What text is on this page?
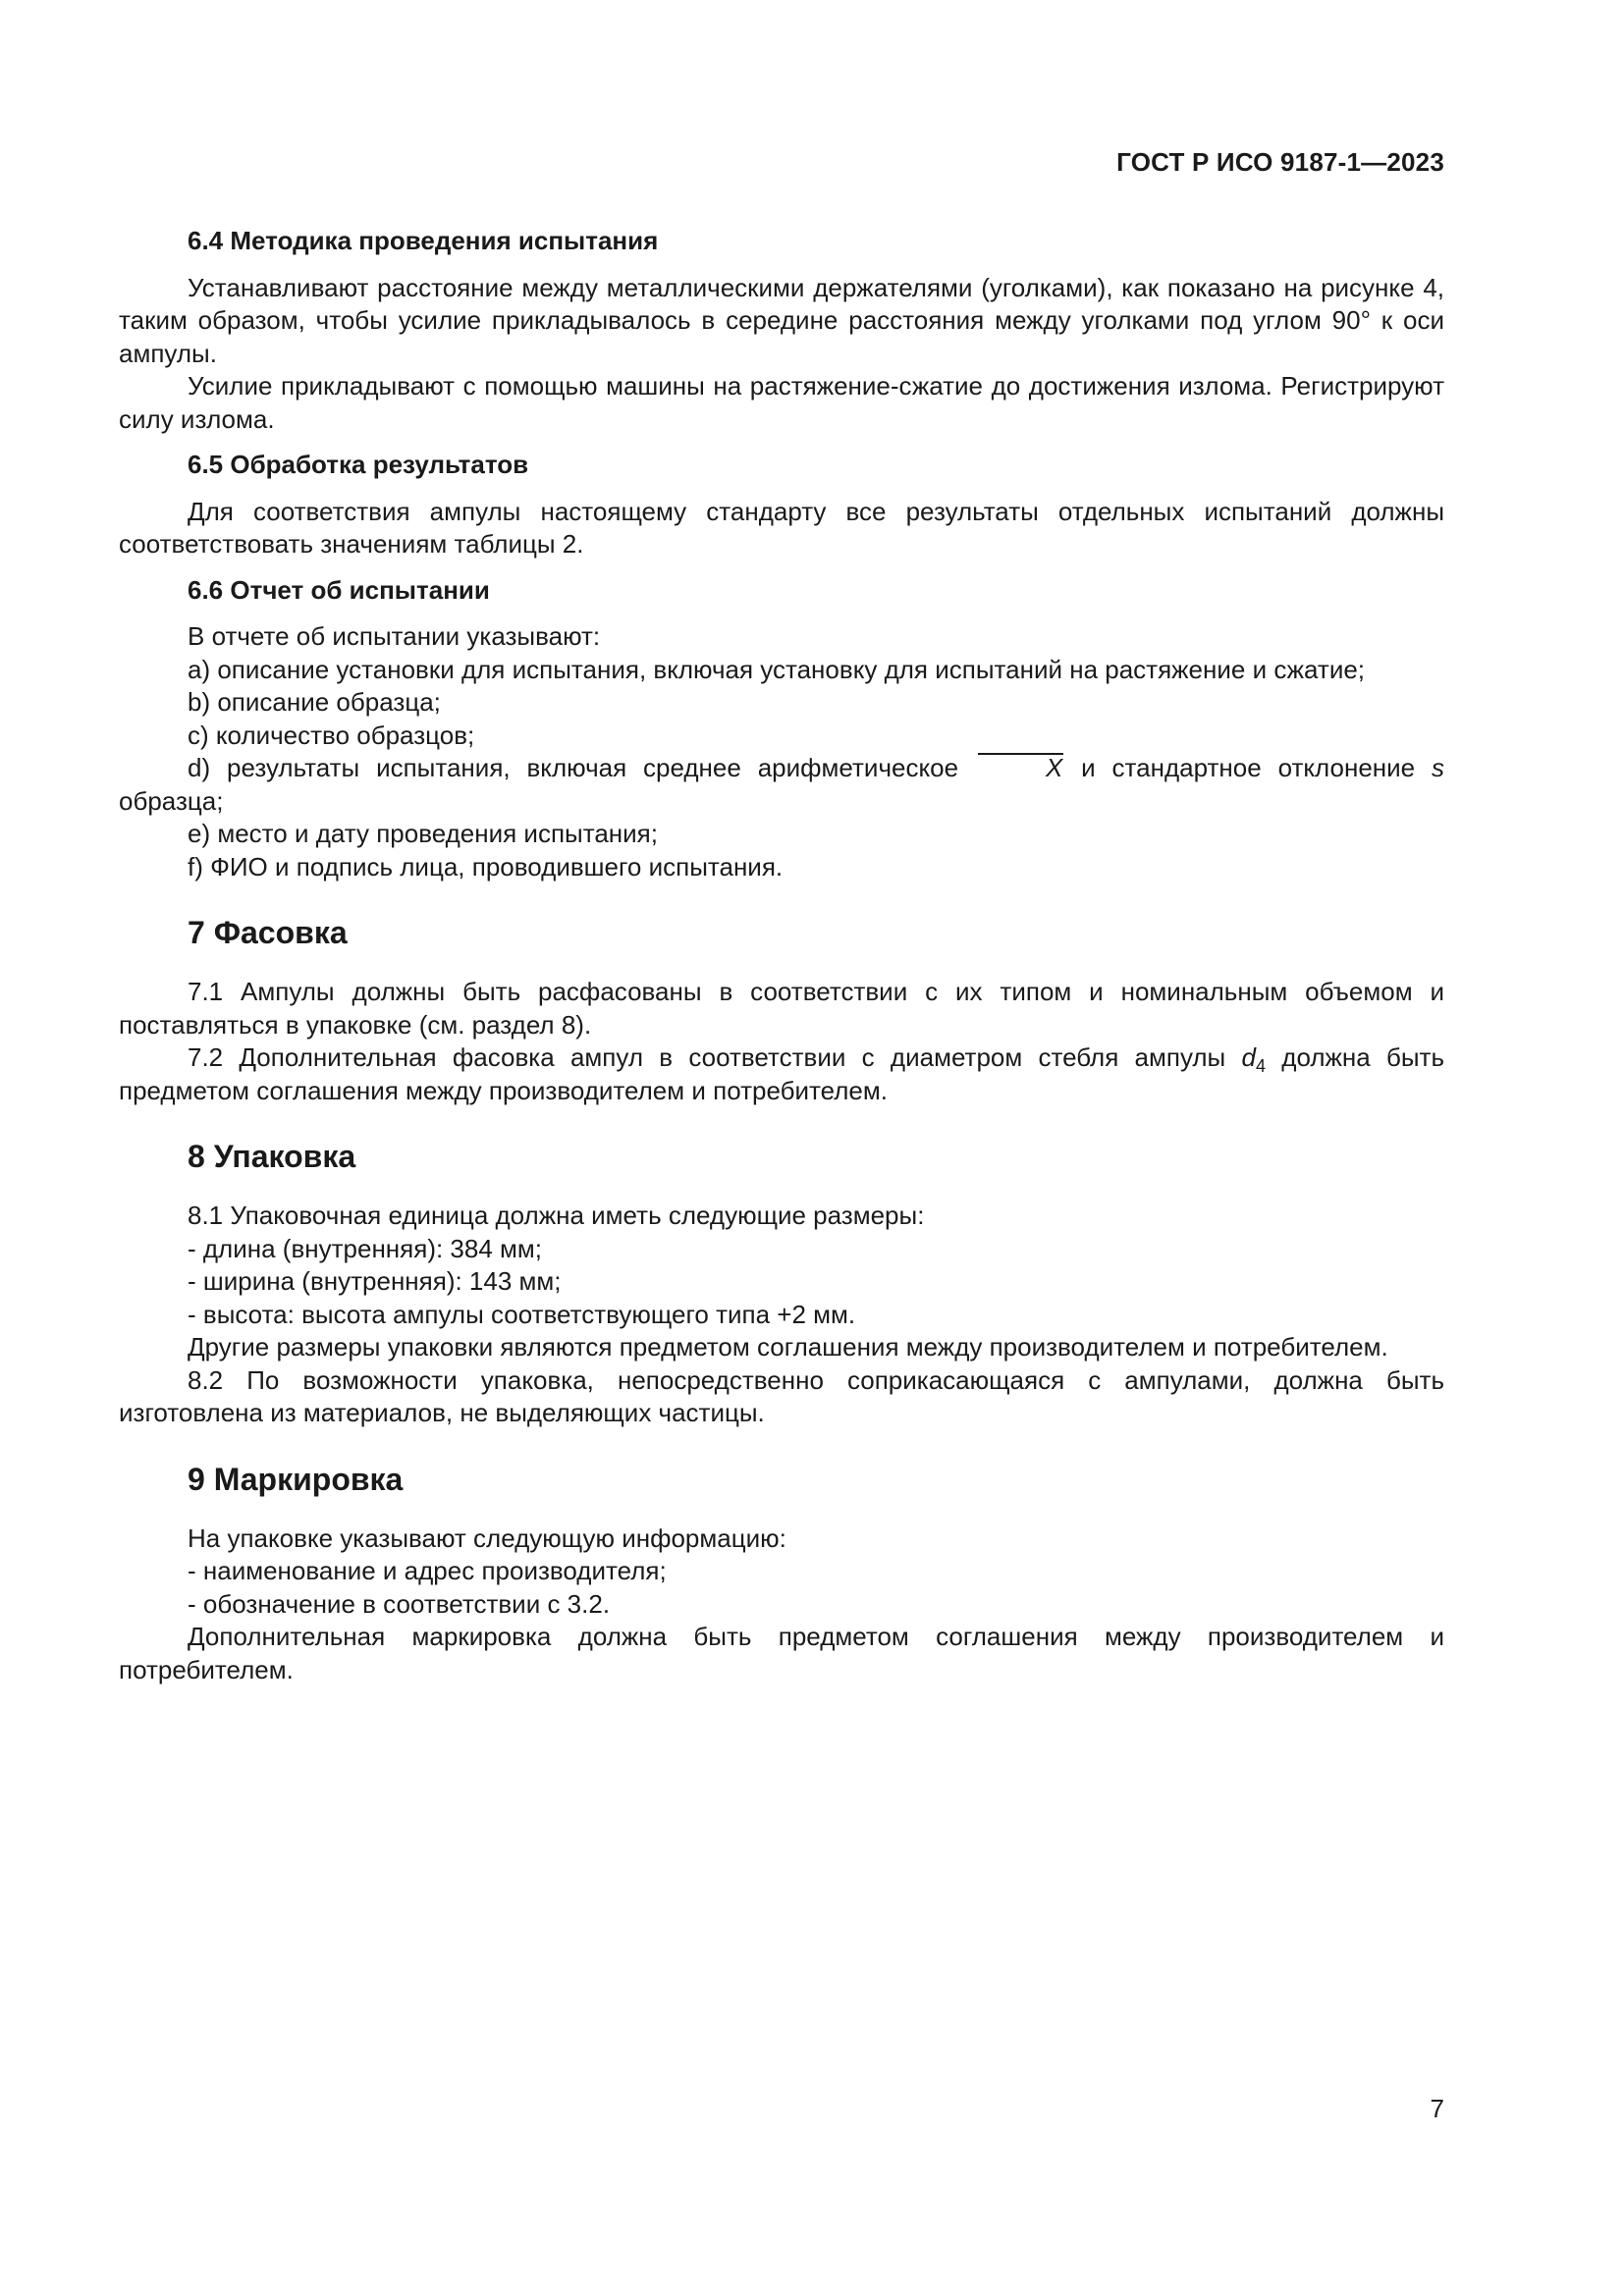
ГОСТ Р ИСО 9187-1—2023
6.4 Методика проведения испытания

Устанавливают расстояние между металлическими держателями (уголками), как показано на рисунке 4, таким образом, чтобы усилие прикладывалось в середине расстояния между уголками под углом 90° к оси ампулы.

Усилие прикладывают с помощью машины на растяжение-сжатие до достижения излома. Регистрируют силу излома.

6.5 Обработка результатов

Для соответствия ампулы настоящему стандарту все результаты отдельных испытаний должны соответствовать значениям таблицы 2.

6.6 Отчет об испытании

В отчете об испытании указывают:

а) описание установки для испытания, включая установку для испытаний на растяжение и сжатие;

b) описание образца;

с) количество образцов;

d) результаты испытания, включая среднее арифметическое	X и стандартное отклонение s образца;

е) место и дату проведения испытания;

f) ФИО и подпись лица, проводившего испытания.

7 Фасовка

7.1 Ампулы должны быть расфасованы в соответствии с их типом и номинальным объемом и поставляться в упаковке (см. раздел 8).

7.2 Дополнительная фасовка ампул в соответствии с диаметром стебля ампулы $d_4$ должна быть предметом соглашения между производителем и потребителем.

8 Упаковка

8.1 Упаковочная единица должна иметь следующие размеры:

- длина (внутренняя): 384 мм;

- ширина (внутренняя): 143 мм;

- высота: высота ампулы соответствующего типа +2 мм.

Другие размеры упаковки являются предметом соглашения между производителем и потребителем.

8.2 По возможности упаковка, непосредственно соприкасающаяся с ампулами, должна быть изготовлена из материалов, не выделяющих частицы.

9 Маркировка

На упаковке указывают следующую информацию:

- наименование и адрес производителя;

- обозначение в соответствии с 3.2.

Дополнительная маркировка должна быть предметом соглашения между производителем и потребителем.

7
